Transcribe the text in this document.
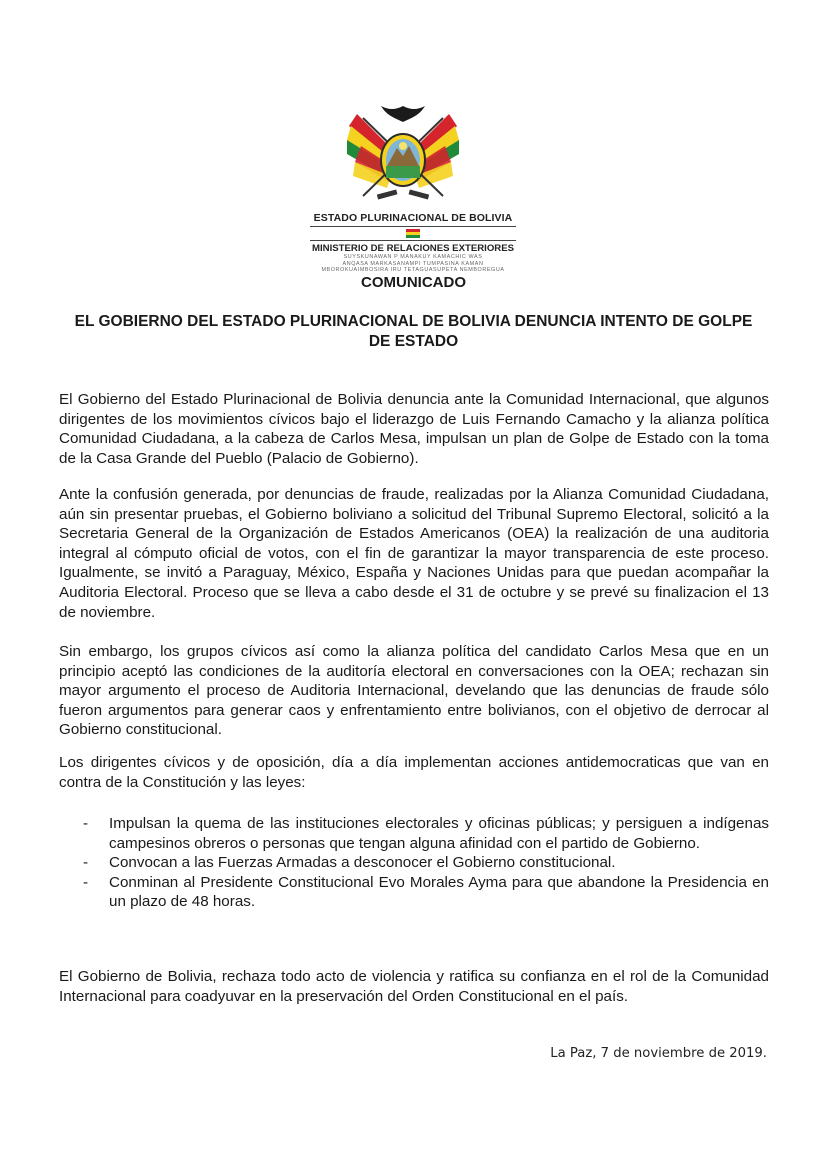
ESTADO PLURINACIONAL DE BOLIVIA
MINISTERIO DE RELACIONES EXTERIORES
SUYSKUNAWAN P MANAKUY KAMACHIC WAS
ANQASA MARKASANAMPI TUMPASINA KAMAN
MBOROKUAIMBOSIRA IRU TETAGUASUPETA NEMBOREGUA
COMUNICADO
EL GOBIERNO DEL ESTADO PLURINACIONAL DE BOLIVIA DENUNCIA INTENTO DE GOLPE DE ESTADO

El Gobierno del Estado Plurinacional de Bolivia denuncia ante la Comunidad Internacional, que algunos dirigentes de los movimientos cívicos bajo el liderazgo de Luis Fernando Camacho y la alianza política Comunidad Ciudadana, a la cabeza de Carlos Mesa, impulsan un plan de Golpe de Estado con la toma de la Casa Grande del Pueblo (Palacio de Gobierno).

Ante la confusión generada, por denuncias de fraude, realizadas por la Alianza Comunidad Ciudadana, aún sin presentar pruebas, el Gobierno boliviano a solicitud del Tribunal Supremo Electoral, solicitó a la Secretaria General de la Organización de Estados Americanos (OEA) la realización de una auditoria integral al cómputo oficial de votos, con el fin de garantizar la mayor transparencia de este proceso. Igualmente, se invitó a Paraguay, México, España y Naciones Unidas para que puedan acompañar la Auditoria Electoral. Proceso que se lleva a cabo desde el 31 de octubre y se prevé su finalizacion el 13 de noviembre.

Sin embargo, los grupos cívicos así como la alianza política del candidato Carlos Mesa que en un principio aceptó las condiciones de la auditoría electoral en conversaciones con la OEA; rechazan sin mayor argumento el proceso de Auditoria Internacional, develando que las denuncias de fraude sólo fueron argumentos para generar caos y enfrentamiento entre bolivianos, con el objetivo de derrocar al Gobierno constitucional.

Los dirigentes cívicos y de oposición, día a día implementan acciones antidemocraticas que van en contra de la Constitución y las leyes:

- Impulsan la quema de las instituciones electorales y oficinas públicas; y persiguen a indígenas campesinos obreros o personas que tengan alguna afinidad con el partido de Gobierno.

- Convocan a las Fuerzas Armadas a desconocer el Gobierno constitucional.

- Conminan al Presidente Constitucional Evo Morales Ayma para que abandone la Presidencia en un plazo de 48 horas.

El Gobierno de Bolivia, rechaza todo acto de violencia y ratifica su confianza en el rol de la Comunidad Internacional para coadyuvar en la preservación del Orden Constitucional en el país.

La Paz, 7 de noviembre de 2019.
